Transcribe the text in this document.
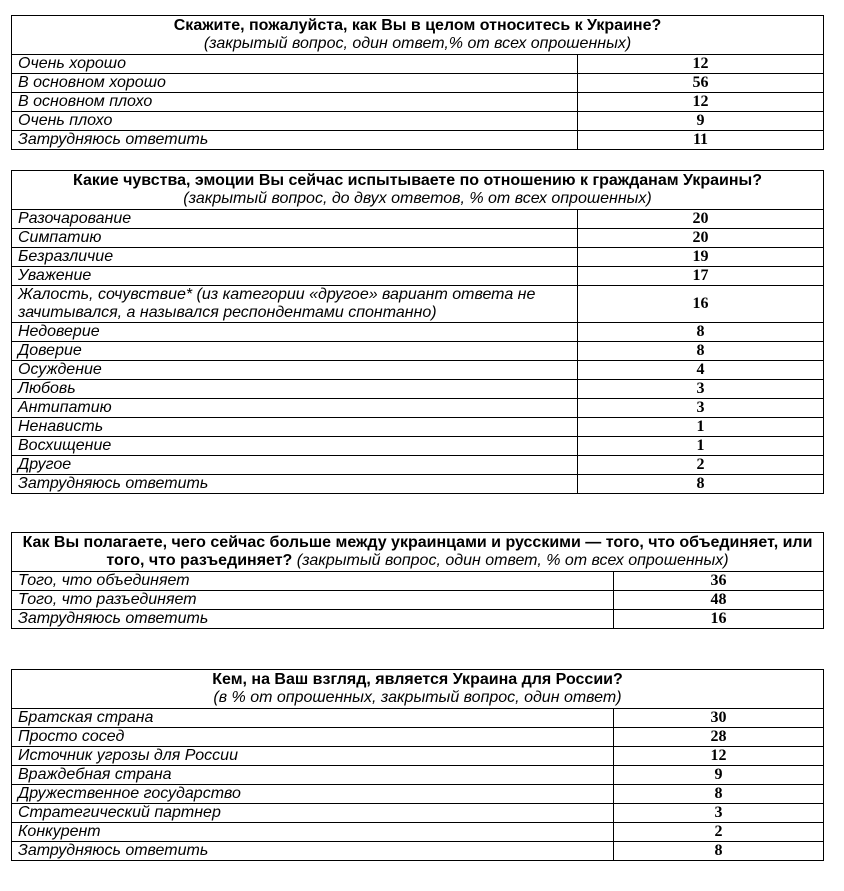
Скажите, пожалуйста, как Вы в целом относитесь к Украине?
(закрытый вопрос, один ответ,% от всех опрошенных)	

Очень хорошо	12
В основном хорошо	56
В основном плохо	12
Очень плохо	9
Затрудняюсь ответить	11
Какие чувства, эмоции Вы сейчас испытываете по отношению к гражданам Украины?
(закрытый вопрос, до двух ответов, % от всех опрошенных)	

Разочарование	20
Симпатию	20
Безразличие	19
Уважение	17
Жалость, сочувствие* (из категории «другое» вариант ответа не зачитывался, а назывался респондентами спонтанно)	16
Недоверие	8
Доверие	8
Осуждение	4
Любовь	3
Антипатию	3
Ненависть	1
Восхищение	1
Другое	2
Затрудняюсь ответить	8
Как Вы полагаете, чего сейчас больше между украинцами и русскими — того, что объединяет, или того, что разъединяет? (закрытый вопрос, один ответ, % от всех опрошенных)	
Того, что объединяет	36
Того, что разъединяет	48
Затрудняюсь ответить	16
Кем, на Ваш взгляд, является Украина для России?
(в % от опрошенных, закрытый вопрос, один ответ)	

Братская страна	30
Просто сосед	28
Источник угрозы для России	12
Враждебная страна	9
Дружественное государство	8
Стратегический партнер	3
Конкурент	2
Затрудняюсь ответить	8
